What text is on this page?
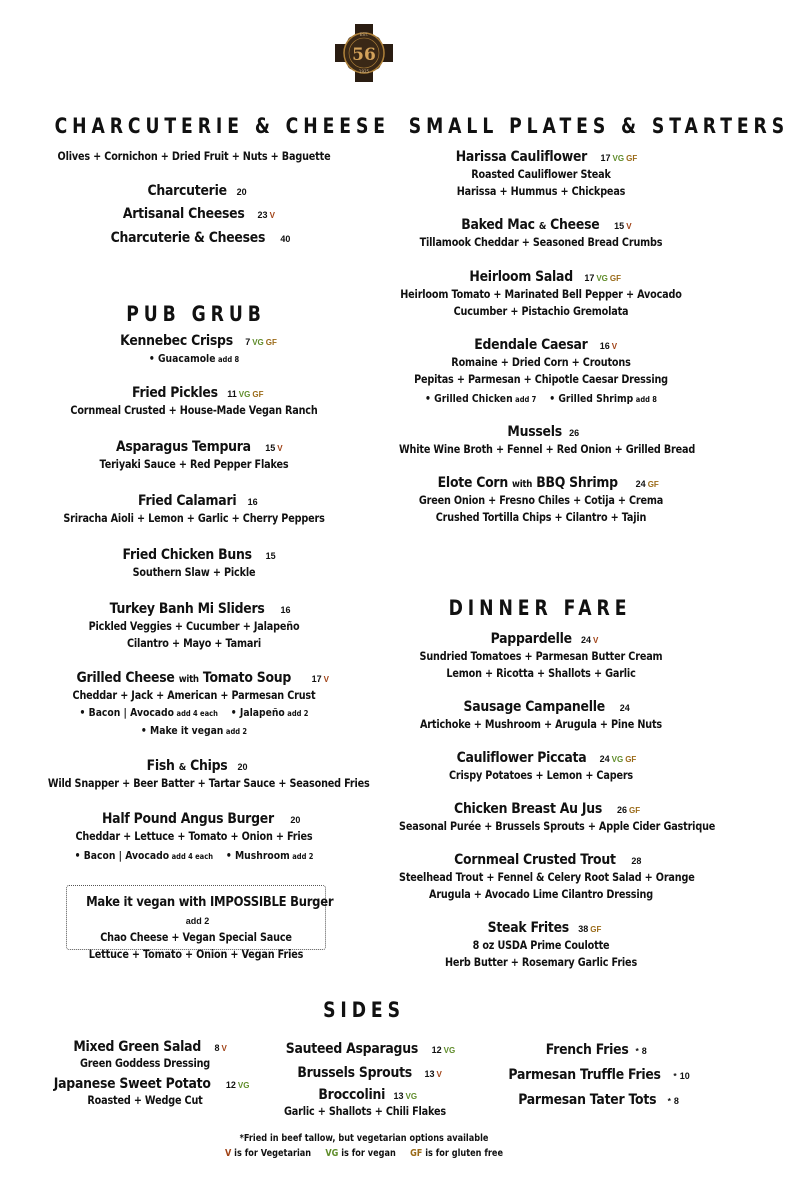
56
EST.
1925
CHARCUTERIE & CHEESE
Olives + Cornichon + Dried Fruit + Nuts + Baguette
Charcuterie 20
Artisanal Cheeses 23 V
Charcuterie & Cheeses 40
PUB GRUB
Kennebec Crisps 7 VG GF
• Guacamole add 8
Fried Pickles 11 VG GF
Cornmeal Crusted + House-Made Vegan Ranch
Asparagus Tempura 15 V
Teriyaki Sauce + Red Pepper Flakes
Fried Calamari 16
Sriracha Aioli + Lemon + Garlic + Cherry Peppers
Fried Chicken Buns 15
Southern Slaw + Pickle
Turkey Banh Mi Sliders 16
Pickled Veggies + Cucumber + Jalapeño
Cilantro + Mayo + Tamari
Grilled Cheese with Tomato Soup 17 V
Cheddar + Jack + American + Parmesan Crust
• Bacon | Avocado add 4 each    • Jalapeño add 2
• Make it vegan add 2
Fish & Chips 20
Wild Snapper + Beer Batter + Tartar Sauce + Seasoned Fries
Half Pound Angus Burger 20
Cheddar + Lettuce + Tomato + Onion + Fries
• Bacon | Avocado add 4 each    • Mushroom add 2
Make it vegan with IMPOSSIBLE Burgeradd 2
Chao Cheese + Vegan Special Sauce
Lettuce + Tomato + Onion + Vegan Fries
SMALL PLATES & STARTERS
Harissa Cauliflower 17 VG GF
Roasted Cauliflower Steak
Harissa + Hummus + Chickpeas
Baked Mac & Cheese 15 V
Tillamook Cheddar + Seasoned Bread Crumbs
Heirloom Salad 17 VG GF
Heirloom Tomato + Marinated Bell Pepper + Avocado
Cucumber + Pistachio Gremolata
Edendale Caesar 16 V
Romaine + Dried Corn + Croutons
Pepitas + Parmesan + Chipotle Caesar Dressing
• Grilled Chicken add 7    • Grilled Shrimp add 8
Mussels 26
White Wine Broth + Fennel + Red Onion + Grilled Bread
Elote Corn with BBQ Shrimp 24 GF
Green Onion + Fresno Chiles + Cotija + Crema
Crushed Tortilla Chips + Cilantro + Tajin
DINNER FARE
Pappardelle 24 V
Sundried Tomatoes + Parmesan Butter Cream
Lemon + Ricotta + Shallots + Garlic
Sausage Campanelle 24
Artichoke + Mushroom + Arugula + Pine Nuts
Cauliflower Piccata 24 VG GF
Crispy Potatoes + Lemon + Capers
Chicken Breast Au Jus 26 GF
Seasonal Purée + Brussels Sprouts + Apple Cider Gastrique
Cornmeal Crusted Trout 28
Steelhead Trout + Fennel & Celery Root Salad + Orange
Arugula + Avocado Lime Cilantro Dressing
Steak Frites 38 GF
8 oz USDA Prime Coulotte
Herb Butter + Rosemary Garlic Fries
SIDES
Mixed Green Salad 8 V
Green Goddess Dressing
Japanese Sweet Potato 12 VG
Roasted + Wedge Cut
Sauteed Asparagus 12 VG
Brussels Sprouts 13 V
Broccolini 13 VG
Garlic + Shallots + Chili Flakes
French Fries * 8
Parmesan Truffle Fries * 10
Parmesan Tater Tots * 8
*Fried in beef tallow, but vegetarian options available
V is for Vegetarian VG is for vegan GF is for gluten free
